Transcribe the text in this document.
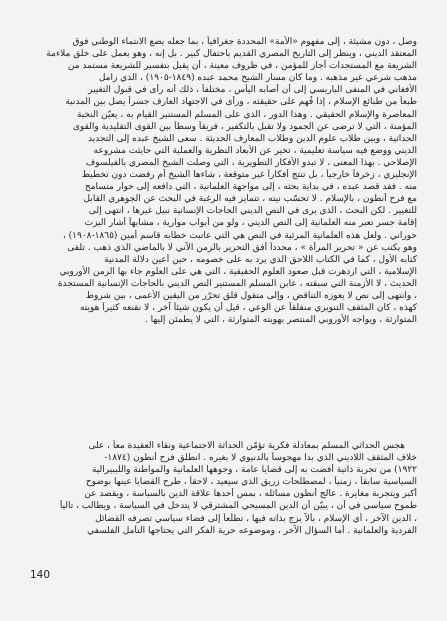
وصل ، دون مشيئة ، إلى مفهوم «الأمة» المحددة جغرافياً ، بما جعله يضع الانتماء الوطني فوق
المعتقد الديني ، وينظر إلى التاريخ المصري القديم باحتفال كبير . بل إنه ، وهو يعمل على خلق ملاءمة
الشريعة مع المستجدات أجاز للمؤمن ، في ظروف معينة ، أن يقبل بتفسير للشريعة مستمد من
مذهب شرعي غير مذهبه . وما كان مسار الشيخ محمد عبده (١٨٤٩-١٩٠٥) ، الذي زامل
الأفغاني في المنفى الباريسي إلى أن أصابه اليأس ، مختلفاً ، ذلك أنه رأى في قبول التغيير
طبعاً من طبائع الإسلام ، إذا فُهم على حقيقته ، ورأى في الاجتهاد العارف جسراً يصل بين المدنية
المعاصرة والإسلام الحقيقي . وهذا الدور ، الذي على المسلم المستنير القيام به ، يعيّن النخبة
المؤمنة ، التي لا ترضى عن الجمود ولا تقبل بالتكفير ، فريقاً وسطاً بين القوى التقليدية والقوى
الحداثية ، وبين طلاب علوم الدين وطلاب المعارف الحديثة . سعى الشيخ عبده إلى التجديد
الديني ووضع فيه سياسة تعليمية ، تخير عن الأبعاد النظرية والعملية التي حايثت مشروعه
الإصلاحي . بهذا المعنى ، لا تبدو الأفكار التطويرية ، التي وصلت الشيخ المصري بالفيلسوف
الإنجليزي ، زخرفاً خارجياً ، بل تنتج أفكاراً غير متوقعة ، شاءها الشيخ أم رفضت دون تخطيط
منه . فقد قصد عبده ، في بداية بحثه ، إلى مواجهة العلمانية ، التي دافعه إلى حوار متسامح
مع فرح أنطون ، بالإسلام . لا تحسّب نيته ، تتمايز فيه الرغبة في البحث عن الجوهري القابل
للتغيير . لكن البحث ، الذي يرى في النص الديني الحاجات الإنسانية نبيل غيرها ، انتهى إلى
إقامة جسر تعبر منه العلمانية إلى النص الديني ، ولو من أبواب موارية ، مشابهاً أشار اليزت
حوراني . ولعل هذه العلمانية المرئية في النص هي التي عاتبت خطابه قاسم أمين (١٨٦٥-١٩٠٨) ،
وهو يكتب عن « تحرير المرأة » ، محدداً أفق التحرير بالزمن الآني لا بالماضي الذي ذهب . تلقى
كتابه الأول ، كما في الكتاب اللاحق الذي يرد به على خصومه ، حين أعين دلالة المدنية
الإسلامية ، التي ازدهرت قبل صعود العلوم الحقيقية ، التي هي على العلوم جاء بها الزمن الأوروبي
الحديث ، لا الأزمنة التي سبقته ، عابن المسلم المستنير النص الديني بالحاجات الإنسانية المستجدة
، وانتهى إلى نص لا يعوزه التناقض ، وإلى متقول قلق تحرّر من اليقين الأعمى ، بين شروط
كهذه ، كان المثقف التنويري منقلقاً عن الوعي ، قيل أن يكون شيئاً آخر ، لا نقنعه كثيراً هويته
المتوارثة ، ويواجه الأوروبي المنتصر بهويته المتوارثة ، التي لا يطمئن إليها .
هجس الحداثي المسلم بمعادلة فكرية تؤمّن الحداثة الاجتماعية ونقاء العقيدة معاً ، على
خلاف المثقف اللاديني الذي بدا مهجوساً بالدنيوي لا بغيره . انطلق فرح أنطون (١٨٧٤-
١٩٢٢) من تجربة ذاتية أفضت به إلى قضايا عامة ، وجوهها العلمانية والمواطنة والليبيرالية
السياسية سابقاً ، زمنياً ، لمصطلحات زريق الذي سيعيد ، لاحقاً ، طرح القضايا عينها بوضوح
أكبر ويتجربة مغايرة . عالج أنطون مسائله ، بمس أحدها علاقة الدين بالسياسة ، ويقصد عن
طموح سياسي في أن ، يبيّن أن الدين المسيحي المشترقي لا يتدخل في السياسة ، ويطالب ، تالياً
، الدين الآخر ، أي الإسلام ، بألاّ يزج بذاته فيها ، تطلّعاً إلى فضاء سياسي تصرفه القضائل
الفردية والعلمانية . أما السؤال الآخر ، وموضوعه حرية الفكر التي يحتاجها التأمل الفلسفي
140
